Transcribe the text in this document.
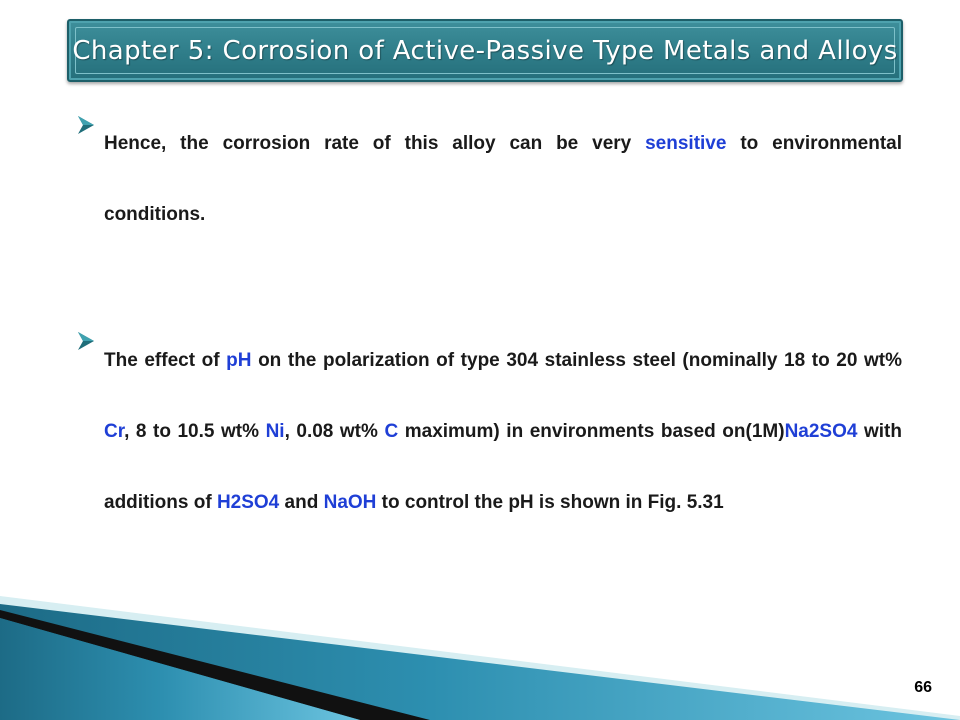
Chapter 5: Corrosion of Active-Passive Type Metals and Alloys

Hence, the corrosion rate of this alloy can be very sensitive to environmental conditions.

The effect of pH on the polarization of type 304 stainless steel (nominally 18 to 20 wt% Cr, 8 to 10.5 wt% Ni, 0.08 wt% C maximum) in environments based on(1M)Na2SO4 with additions of H2SO4 and NaOH to control the pH is shown in Fig. 5.31

66
